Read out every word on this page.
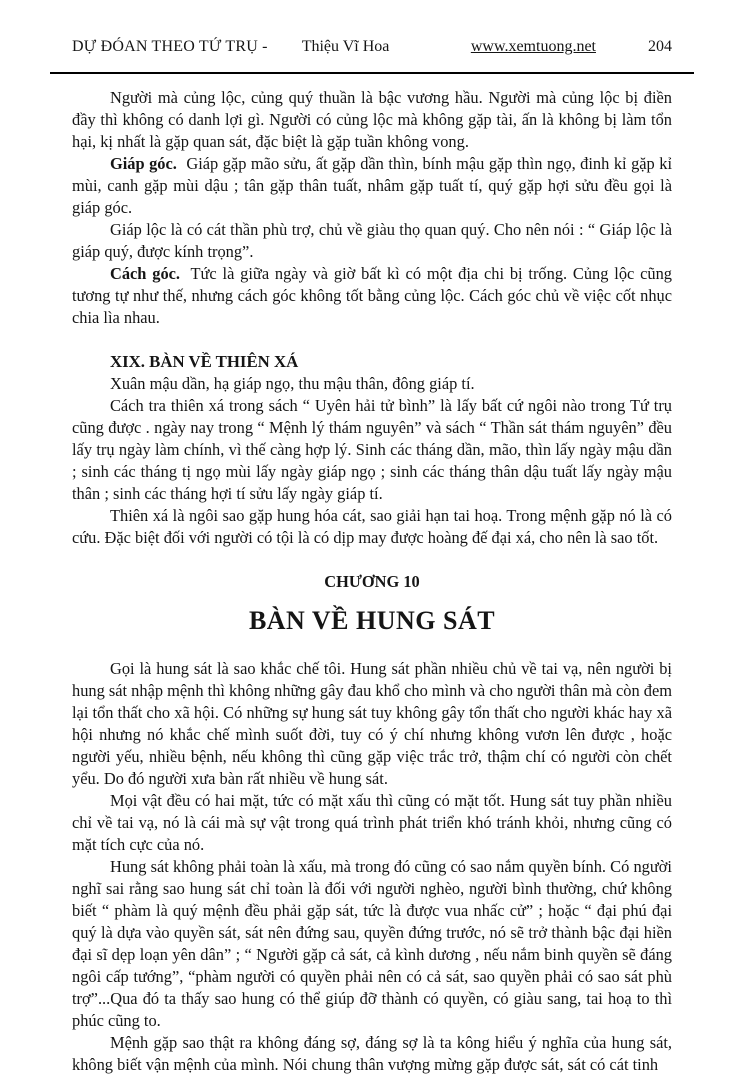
DỰ ĐÓAN THEO TỨ TRỤ - Thiệu Vĩ Hoa	www.xemtuong.net	204

Người mà củng lộc, củng quý thuần là bậc vương hầu. Người mà củng lộc bị điền đầy thì không có danh lợi gì. Người có củng lộc mà không gặp tài, ấn là không bị làm tổn hại, kị nhất là gặp quan sát, đặc biệt là gặp tuần không vong.

Giáp góc. Giáp gặp mão sửu, ất gặp dần thìn, bính mậu gặp thìn ngọ, đinh kỉ gặp kỉ mùi, canh gặp mùi dậu ; tân gặp thân tuất, nhâm gặp tuất tí, quý gặp hợi sửu đều gọi là giáp góc.

Giáp lộc là có cát thần phù trợ, chủ về giàu thọ quan quý. Cho nên nói : “ Giáp lộc là giáp quý, được kính trọng”.

Cách góc. Tức là giữa ngày và giờ bất kì có một địa chi bị trống. Củng lộc cũng tương tự như thế, nhưng cách góc không tốt bằng củng lộc. Cách góc chủ về việc cốt nhục chia lìa nhau.

XIX. BÀN VỀ THIÊN XÁ

Xuân mậu dần, hạ giáp ngọ, thu mậu thân, đông giáp tí.

Cách tra thiên xá trong sách “ Uyên hải tử bình” là lấy bất cứ ngôi nào trong Tứ trụ cũng được . ngày nay trong “ Mệnh lý thám nguyên” và sách “ Thần sát thám nguyên” đều lấy trụ ngày làm chính, vì thế càng hợp lý. Sinh các tháng dần, mão, thìn lấy ngày mậu dần ; sinh các tháng tị ngọ mùi lấy ngày giáp ngọ ; sinh các tháng thân dậu tuất lấy ngày mậu thân ; sinh các tháng hợi tí sửu lấy ngày giáp tí.

Thiên xá là ngôi sao gặp hung hóa cát, sao giải hạn tai hoạ. Trong mệnh gặp nó là có cứu. Đặc biệt đối với người có tội là có dịp may được hoàng đế đại xá, cho nên là sao tốt.

CHƯƠNG 10

BÀN VỀ HUNG SÁT

Gọi là hung sát là sao khắc chế tôi. Hung sát phần nhiều chủ về tai vạ, nên người bị hung sát nhập mệnh thì không những gây đau khổ cho mình và cho người thân mà còn đem lại tổn thất cho xã hội. Có những sự hung sát tuy không gây tổn thất cho người khác hay xã hội nhưng nó khắc chế mình suốt đời, tuy có ý chí nhưng không vươn lên được , hoặc người yếu, nhiều bệnh, nếu không thì cũng gặp việc trắc trở, thậm chí có người còn chết yểu. Do đó người xưa bàn rất nhiều về hung sát.

Mọi vật đều có hai mặt, tức có mặt xấu thì cũng có mặt tốt. Hung sát tuy phần nhiều chỉ về tai vạ, nó là cái mà sự vật trong quá trình phát triển khó tránh khỏi, nhưng cũng có mặt tích cực của nó.

Hung sát không phải toàn là xấu, mà trong đó cũng có sao nắm quyền bính. Có người nghĩ sai rằng sao hung sát chỉ toàn là đối với người nghèo, người bình thường, chứ không biết “ phàm là quý mệnh đều phải gặp sát, tức là được vua nhấc cử” ; hoặc “ đại phú đại quý là dựa vào quyền sát, sát nên đứng sau, quyền đứng trước, nó sẽ trở thành bậc đại hiền đại sĩ dẹp loạn yên dân” ; “ Người gặp cả sát, cả kình dương , nếu nắm binh quyền sẽ đáng ngôi cấp tướng”, “phàm người có quyền phải nên có cả sát, sao quyền phải có sao sát phù trợ”...Qua đó ta thấy sao hung có thể giúp đỡ thành có quyền, có giàu sang, tai hoạ to thì phúc cũng to.

Mệnh gặp sao thật ra không đáng sợ, đáng sợ là ta kông hiểu ý nghĩa của hung sát, không biết vận mệnh của mình. Nói chung thân vượng mừng gặp được sát, sát có cát tinh
